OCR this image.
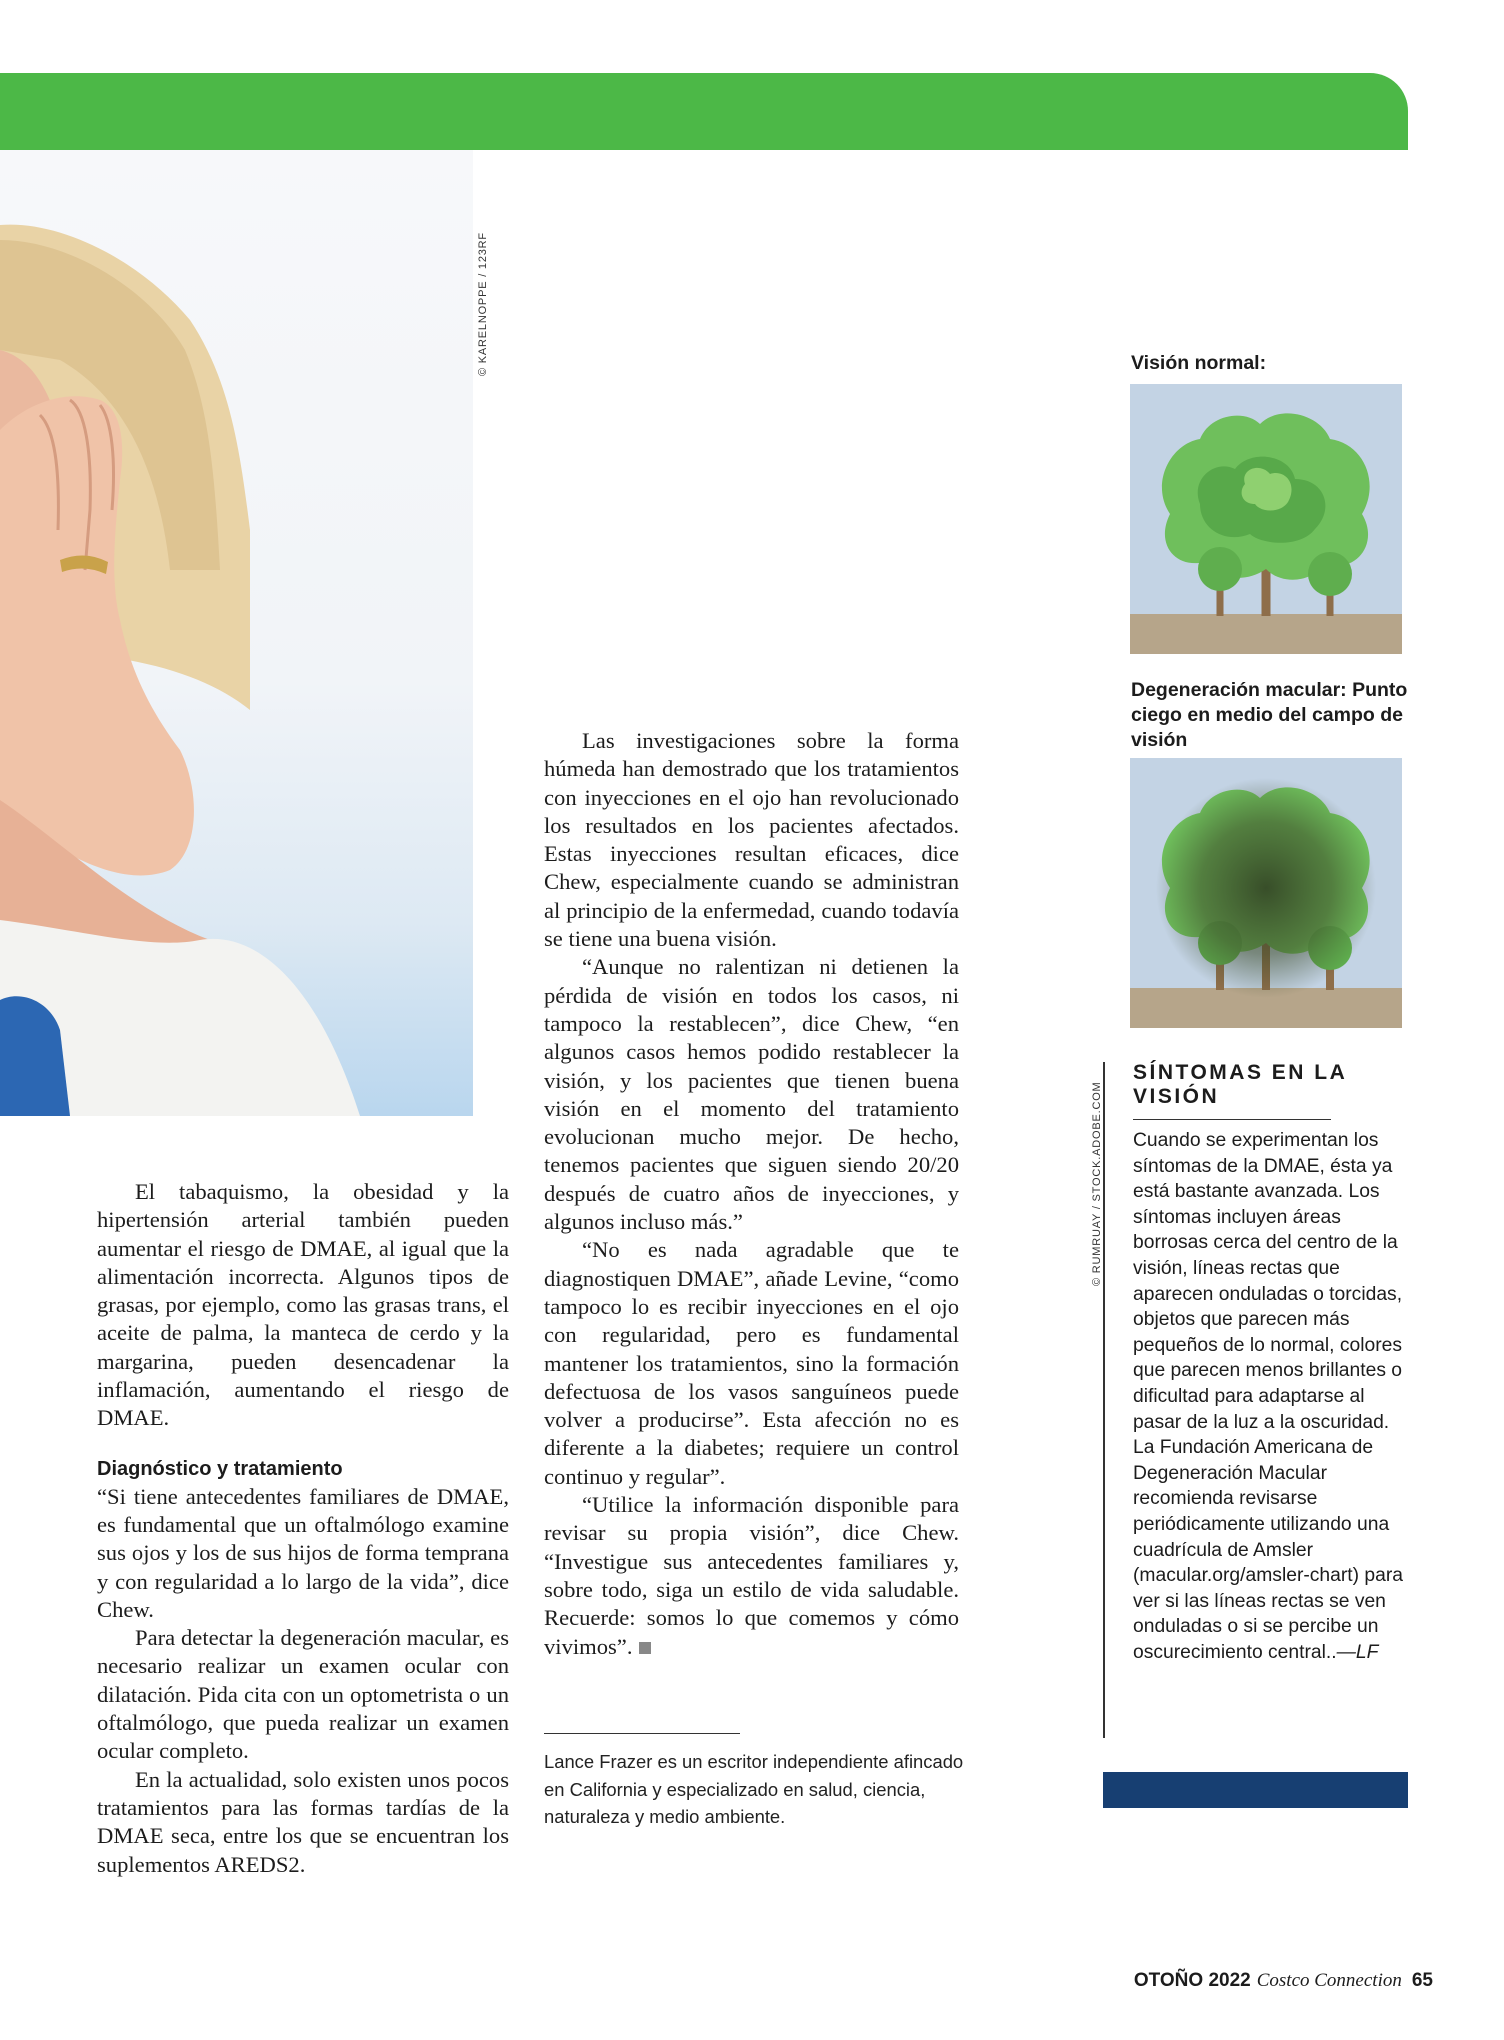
© KARELNOPPE / 123RF

El tabaquismo, la obesidad y la hipertensión arterial también pueden aumentar el riesgo de DMAE, al igual que la alimentación incorrecta. Algunos tipos de grasas, por ejemplo, como las grasas trans, el aceite de palma, la manteca de cerdo y la margarina, pueden desencadenar la inflamación, aumentando el riesgo de DMAE.

Diagnóstico y tratamiento

“Si tiene antecedentes familiares de DMAE, es fundamental que un oftalmólogo examine sus ojos y los de sus hijos de forma temprana y con regularidad a lo largo de la vida”, dice Chew.

Para detectar la degeneración macular, es necesario realizar un examen ocular con dilatación. Pida cita con un optometrista o un oftalmólogo, que pueda realizar un examen ocular completo.

En la actualidad, solo existen unos pocos tratamientos para las formas tardías de la DMAE seca, entre los que se encuentran los suplementos AREDS2.

Las investigaciones sobre la forma húmeda han demostrado que los tratamientos con inyecciones en el ojo han revolucionado los resultados en los pacientes afectados. Estas inyecciones resultan eficaces, dice Chew, especialmente cuando se administran al principio de la enfermedad, cuando todavía se tiene una buena visión.

“Aunque no ralentizan ni detienen la pérdida de visión en todos los casos, ni tampoco la restablecen”, dice Chew, “en algunos casos hemos podido restablecer la visión, y los pacientes que tienen buena visión en el momento del tratamiento evolucionan mucho mejor. De hecho, tenemos pacientes que siguen siendo 20/20 después de cuatro años de inyecciones, y algunos incluso más.”

“No es nada agradable que te diagnostiquen DMAE”, añade Levine, “como tampoco lo es recibir inyecciones en el ojo con regularidad, pero es fundamental mantener los tratamientos, sino la formación defectuosa de los vasos sanguíneos puede volver a producirse”. Esta afección no es diferente a la diabetes; requiere un control continuo y regular”.

“Utilice la información disponible para revisar su propia visión”, dice Chew. “Investigue sus antecedentes familiares y, sobre todo, siga un estilo de vida saludable. Recuerde: somos lo que comemos y cómo vivimos”.

Lance Frazer es un escritor independiente afincado en California y especializado en salud, ciencia, naturaleza y medio ambiente.
Visión normal:
Degeneración macular: Punto ciego en medio del campo de visión
© RUMRUAY / STOCK.ADOBE.COM
SÍNTOMAS EN LA VISIÓN
Cuando se experimentan los síntomas de la DMAE, ésta ya está bastante avanzada. Los síntomas incluyen áreas borrosas cerca del centro de la visión, líneas rectas que aparecen onduladas o torcidas, objetos que parecen más pequeños de lo normal, colores que parecen menos brillantes o dificultad para adaptarse al pasar de la luz a la oscuridad. La Fundación Americana de Degeneración Macular recomienda revisarse periódicamente utilizando una cuadrícula de Amsler (macular.org/amsler-chart) para ver si las líneas rectas se ven onduladas o si se percibe un oscurecimiento central..—LF
OTOÑO 2022 Costco Connection 65
